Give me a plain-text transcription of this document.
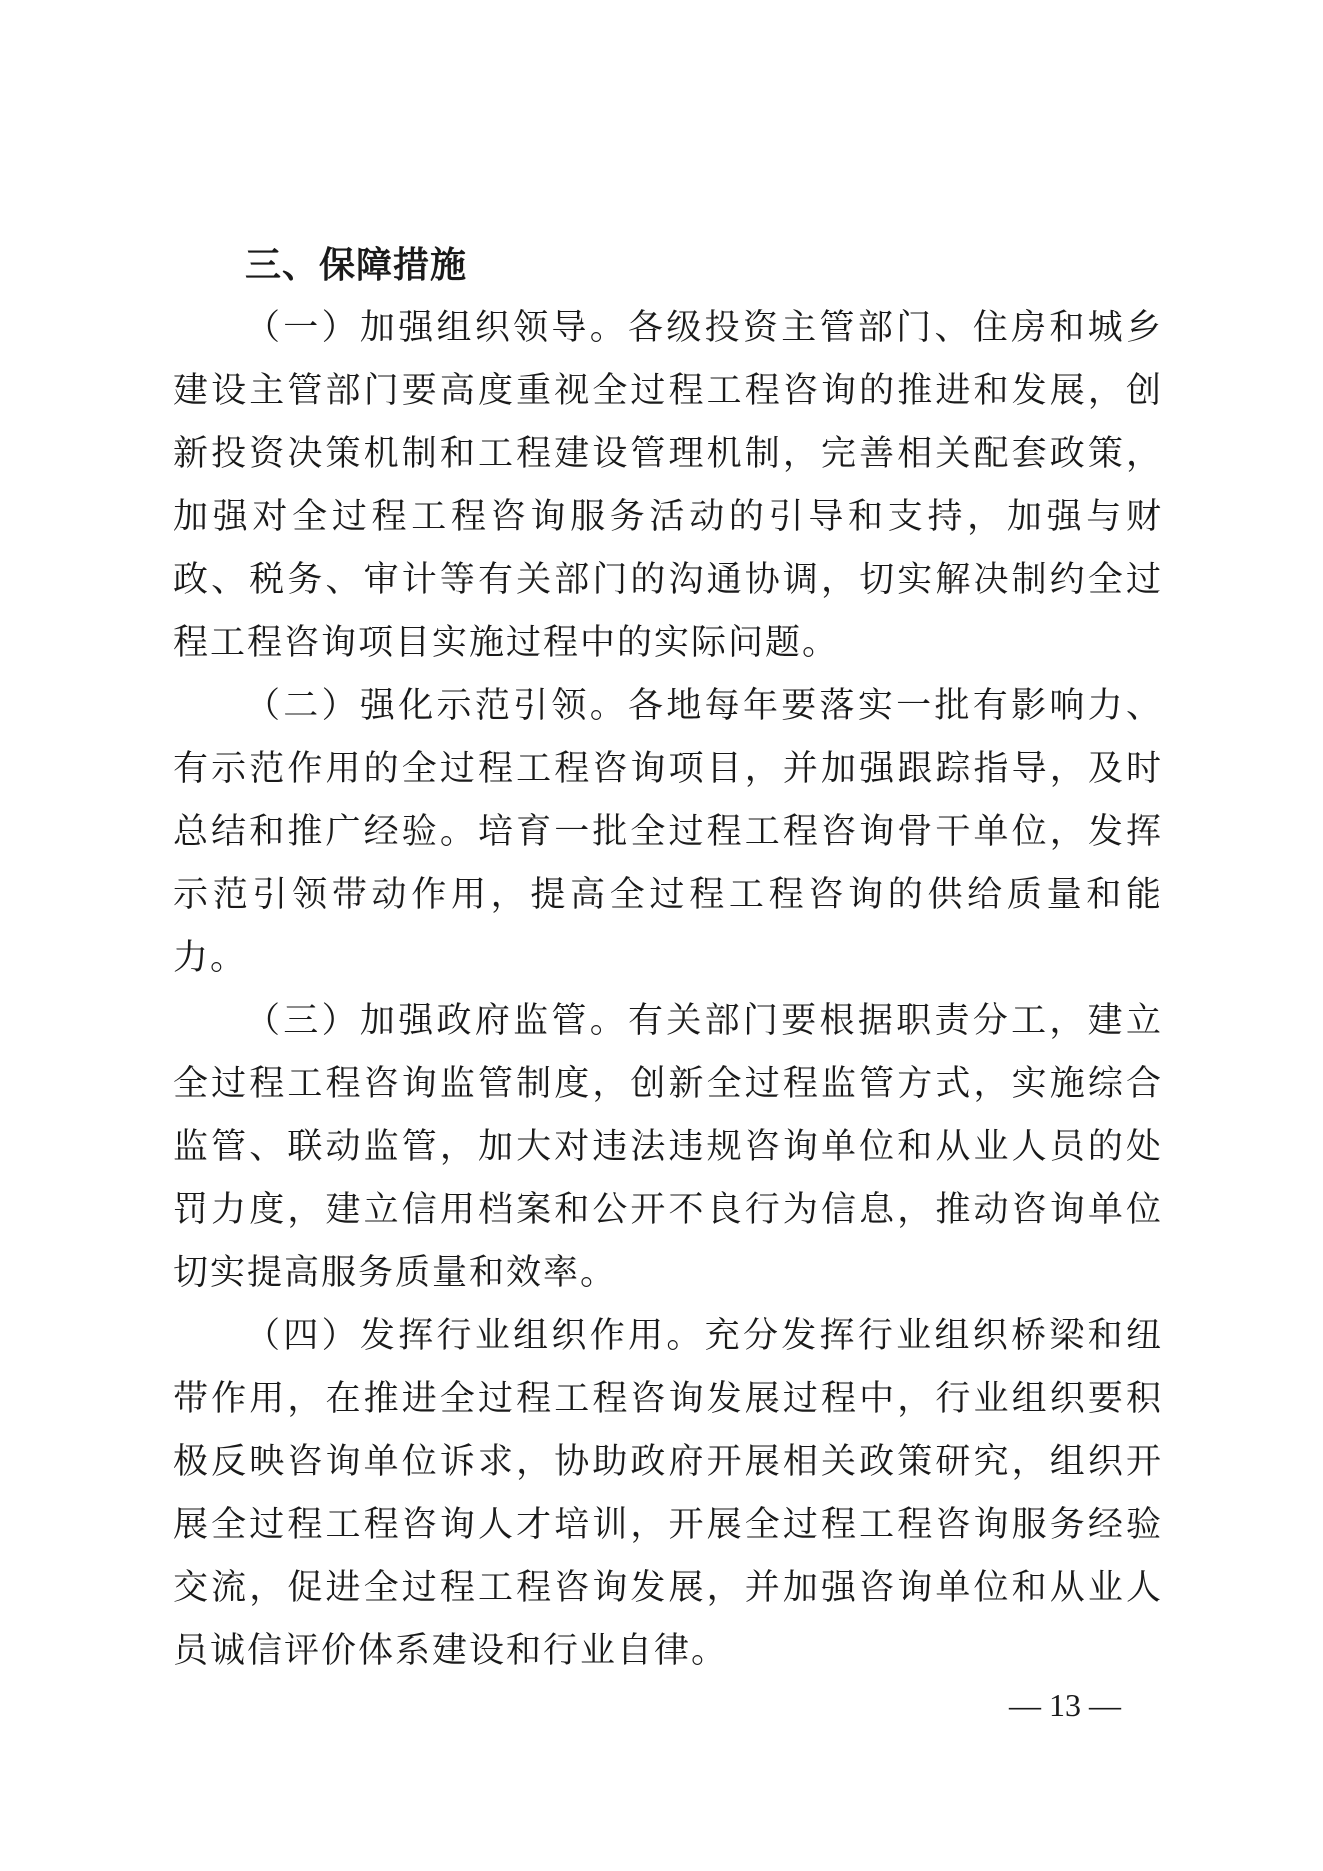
三、保障措施

（一）加强组织领导。各级投资主管部门、住房和城乡建设主管部门要高度重视全过程工程咨询的推进和发展，创新投资决策机制和工程建设管理机制，完善相关配套政策，加强对全过程工程咨询服务活动的引导和支持，加强与财政、税务、审计等有关部门的沟通协调，切实解决制约全过程工程咨询项目实施过程中的实际问题。

（二）强化示范引领。各地每年要落实一批有影响力、有示范作用的全过程工程咨询项目，并加强跟踪指导，及时总结和推广经验。培育一批全过程工程咨询骨干单位，发挥示范引领带动作用，提高全过程工程咨询的供给质量和能力。

（三）加强政府监管。有关部门要根据职责分工，建立全过程工程咨询监管制度，创新全过程监管方式，实施综合监管、联动监管，加大对违法违规咨询单位和从业人员的处罚力度，建立信用档案和公开不良行为信息，推动咨询单位切实提高服务质量和效率。

（四）发挥行业组织作用。充分发挥行业组织桥梁和纽带作用，在推进全过程工程咨询发展过程中，行业组织要积极反映咨询单位诉求，协助政府开展相关政策研究，组织开展全过程工程咨询人才培训，开展全过程工程咨询服务经验交流，促进全过程工程咨询发展，并加强咨询单位和从业人员诚信评价体系建设和行业自律。

— 13 —
